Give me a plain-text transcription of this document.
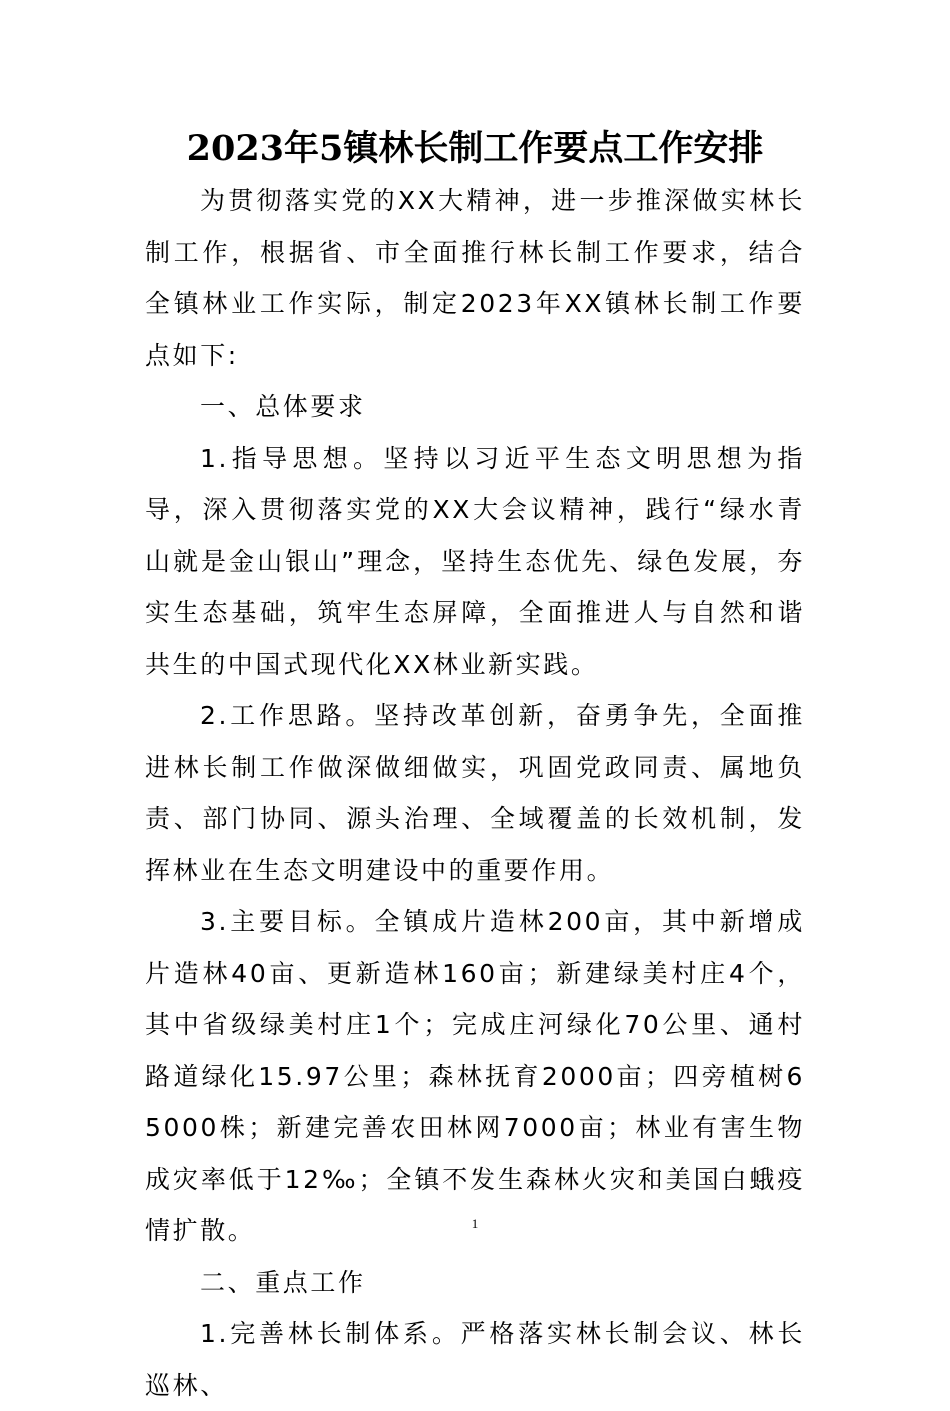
2023年5镇林长制工作要点工作安排

为贯彻落实党的XX大精神，进一步推深做实林长制工作，根据省、市全面推行林长制工作要求，结合全镇林业工作实际，制定2023年XX镇林长制工作要点如下:

一、总体要求

1.指导思想。坚持以习近平生态文明思想为指导，深入贯彻落实党的XX大会议精神，践行“绿水青山就是金山银山”理念，坚持生态优先、绿色发展，夯实生态基础，筑牢生态屏障，全面推进人与自然和谐共生的中国式现代化XX林业新实践。

2.工作思路。坚持改革创新，奋勇争先，全面推进林长制工作做深做细做实，巩固党政同责、属地负责、部门协同、源头治理、全域覆盖的长效机制，发挥林业在生态文明建设中的重要作用。

3.主要目标。全镇成片造林200亩，其中新增成片造林40亩、更新造林160亩；新建绿美村庄4个，其中省级绿美村庄1个；完成庄河绿化70公里、通村路道绿化15.97公里；森林抚育2000亩；四旁植树65000株；新建完善农田林网7000亩；林业有害生物成灾率低于12‰；全镇不发生森林火灾和美国白蛾疫情扩散。

二、重点工作

1.完善林长制体系。严格落实林长制会议、林长巡林、

1
